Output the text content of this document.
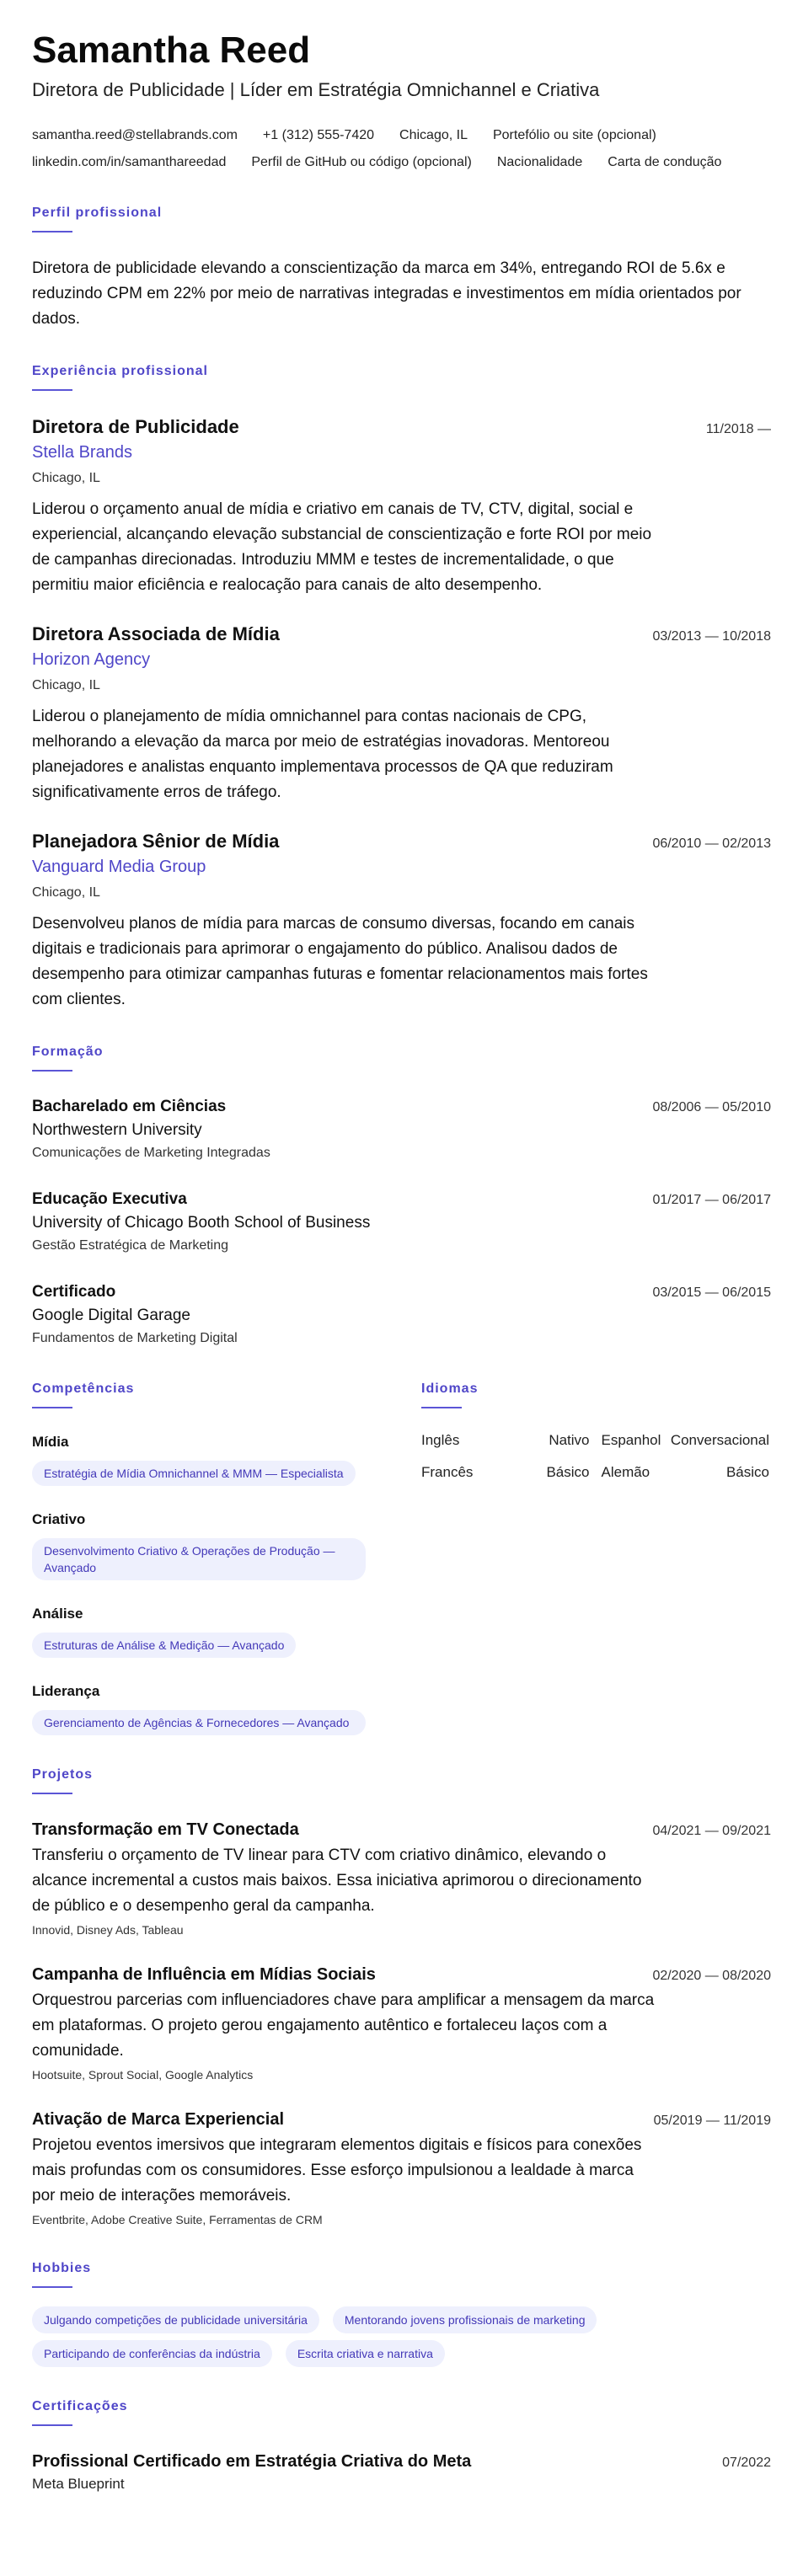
Samantha Reed
Diretora de Publicidade | Líder em Estratégia Omnichannel e Criativa
samantha.reed@stellabrands.com +1 (312) 555-7420 Chicago, IL Portefólio ou site (opcional)
linkedin.com/in/samanthareedad Perfil de GitHub ou código (opcional) Nacionalidade Carta de condução
Perfil profissional
Diretora de publicidade elevando a conscientização da marca em 34%, entregando ROI de 5.6x e reduzindo CPM em 22% por meio de narrativas integradas e investimentos em mídia orientados por dados.
Experiência profissional
Diretora de Publicidade	11/2018 —
Stella Brands
Chicago, IL
Liderou o orçamento anual de mídia e criativo em canais de TV, CTV, digital, social e experiencial, alcançando elevação substancial de conscientização e forte ROI por meio de campanhas direcionadas. Introduziu MMM e testes de incrementalidade, o que permitiu maior eficiência e realocação para canais de alto desempenho.
Diretora Associada de Mídia	03/2013 — 10/2018
Horizon Agency
Chicago, IL
Liderou o planejamento de mídia omnichannel para contas nacionais de CPG, melhorando a elevação da marca por meio de estratégias inovadoras. Mentoreou planejadores e analistas enquanto implementava processos de QA que reduziram significativamente erros de tráfego.
Planejadora Sênior de Mídia	06/2010 — 02/2013
Vanguard Media Group
Chicago, IL
Desenvolveu planos de mídia para marcas de consumo diversas, focando em canais digitais e tradicionais para aprimorar o engajamento do público. Analisou dados de desempenho para otimizar campanhas futuras e fomentar relacionamentos mais fortes com clientes.
Formação
Bacharelado em Ciências	08/2006 — 05/2010
Northwestern University
Comunicações de Marketing Integradas
Educação Executiva	01/2017 — 06/2017
University of Chicago Booth School of Business
Gestão Estratégica de Marketing
Certificado	03/2015 — 06/2015
Google Digital Garage
Fundamentos de Marketing Digital
Competências
Mídia
Estratégia de Mídia Omnichannel & MMM — Especialista
Criativo
Desenvolvimento Criativo & Operações de Produção — Avançado
Análise
Estruturas de Análise & Medição — Avançado
Liderança
Gerenciamento de Agências & Fornecedores — Avançado
Idiomas
Inglês	Nativo Espanhol Conversacional
Francês	Básico Alemão	Básico
Projetos
Transformação em TV Conectada	04/2021 — 09/2021
Transferiu o orçamento de TV linear para CTV com criativo dinâmico, elevando o alcance incremental a custos mais baixos. Essa iniciativa aprimorou o direcionamento de público e o desempenho geral da campanha.
Innovid, Disney Ads, Tableau
Campanha de Influência em Mídias Sociais	02/2020 — 08/2020
Orquestrou parcerias com influenciadores chave para amplificar a mensagem da marca em plataformas. O projeto gerou engajamento autêntico e fortaleceu laços com a comunidade.
Hootsuite, Sprout Social, Google Analytics
Ativação de Marca Experiencial	05/2019 — 11/2019
Projetou eventos imersivos que integraram elementos digitais e físicos para conexões mais profundas com os consumidores. Esse esforço impulsionou a lealdade à marca por meio de interações memoráveis.
Eventbrite, Adobe Creative Suite, Ferramentas de CRM
Hobbies
Julgando competições de publicidade universitária	Mentorando jovens profissionais de marketing
Participando de conferências da indústria	Escrita criativa e narrativa
Certificações
Profissional Certificado em Estratégia Criativa do Meta	07/2022
Meta Blueprint
